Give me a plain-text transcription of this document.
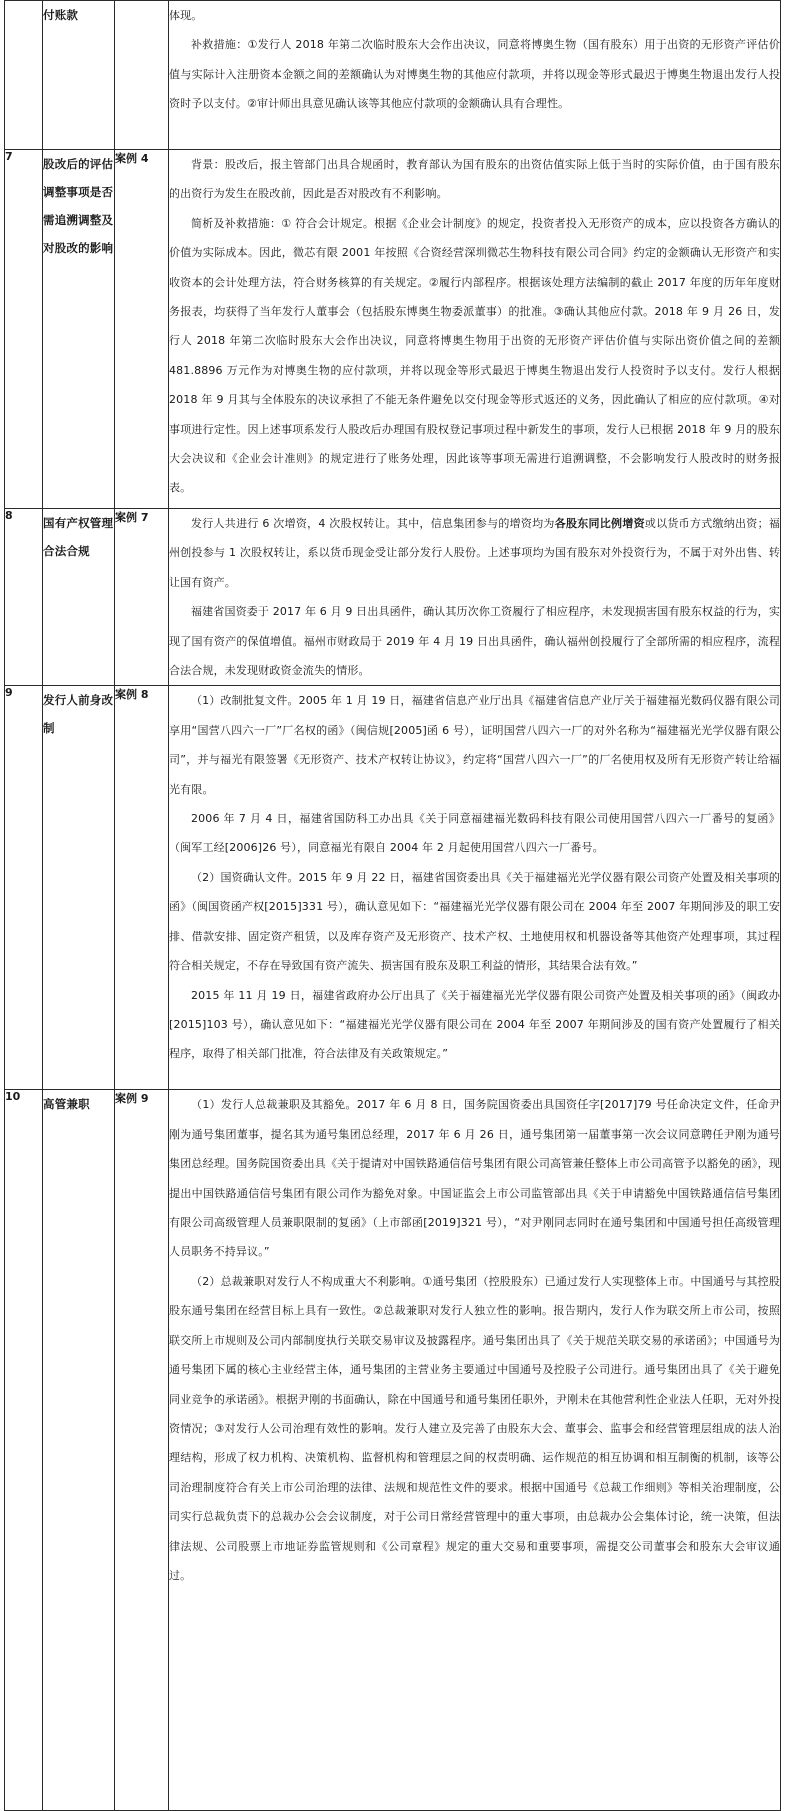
	付账款		体现。

补救措施：①发行人 2018 年第二次临时股东大会作出决议，同意将博奥生物（国有股东）用于出资的无形资产评估价值与实际计入注册资本金额之间的差额确认为对博奥生物的其他应付款项，并将以现金等形式最迟于博奥生物退出发行人投资时予以支付。②审计师出具意见确认该等其他应付款项的金额确认具有合理性。

7	股改后的评估调整事项是否需追溯调整及对股改的影响	案例 4	背景：股改后，报主管部门出具合规函时，教育部认为国有股东的出资估值实际上低于当时的实际价值，由于国有股东的出资行为发生在股改前，因此是否对股改有不利影响。

简析及补救措施：① 符合会计规定。根据《企业会计制度》的规定，投资者投入无形资产的成本，应以投资各方确认的价值为实际成本。因此，微芯有限 2001 年按照《合资经营深圳微芯生物科技有限公司合同》约定的金额确认无形资产和实收资本的会计处理方法，符合财务核算的有关规定。②履行内部程序。根据该处理方法编制的截止 2017 年度的历年年度财务报表，均获得了当年发行人董事会（包括股东博奥生物委派董事）的批准。③确认其他应付款。2018 年 9 月 26 日，发行人 2018 年第二次临时股东大会作出决议，同意将博奥生物用于出资的无形资产评估价值与实际出资价值之间的差额 481.8896 万元作为对博奥生物的应付款项，并将以现金等形式最迟于博奥生物退出发行人投资时予以支付。发行人根据 2018 年 9 月其与全体股东的决议承担了不能无条件避免以交付现金等形式返还的义务，因此确认了相应的应付款项。④对事项进行定性。因上述事项系发行人股改后办理国有股权登记事项过程中新发生的事项，发行人已根据 2018 年 9 月的股东大会决议和《企业会计准则》的规定进行了账务处理，因此该等事项无需进行追溯调整，不会影响发行人股改时的财务报表。

8	国有产权管理合法合规	案例 7	发行人共进行 6 次增资，4 次股权转让。其中，信息集团参与的增资均为各股东同比例增资或以货币方式缴纳出资；福州创投参与 1 次股权转让，系以货币现金受让部分发行人股份。上述事项均为国有股东对外投资行为，不属于对外出售、转让国有资产。

福建省国资委于 2017 年 6 月 9 日出具函件，确认其历次你工资履行了相应程序，未发现损害国有股东权益的行为，实现了国有资产的保值增值。福州市财政局于 2019 年 4 月 19 日出具函件，确认福州创投履行了全部所需的相应程序，流程合法合规，未发现财政资金流失的情形。

9	发行人前身改制	案例 8	（1）改制批复文件。2005 年 1 月 19 日，福建省信息产业厅出具《福建省信息产业厅关于福建福光数码仪器有限公司享用“国营八四六一厂”厂名权的函》（闽信规[2005]函 6 号），证明国营八四六一厂的对外名称为“福建福光光学仪器有限公司”，并与福光有限签署《无形资产、技术产权转让协议》，约定将“国营八四六一厂”的厂名使用权及所有无形资产转让给福光有限。

2006 年 7 月 4 日，福建省国防科工办出具《关于同意福建福光数码科技有限公司使用国营八四六一厂番号的复函》（闽军工经[2006]26 号），同意福光有限自 2004 年 2 月起使用国营八四六一厂番号。

（2）国资确认文件。2015 年 9 月 22 日，福建省国资委出具《关于福建福光光学仪器有限公司资产处置及相关事项的函》（闽国资函产权[2015]331 号），确认意见如下：“福建福光光学仪器有限公司在 2004 年至 2007 年期间涉及的职工安排、借款安排、固定资产租赁，以及库存资产及无形资产、技术产权、土地使用权和机器设备等其他资产处理事项，其过程符合相关规定，不存在导致国有资产流失、损害国有股东及职工利益的情形，其结果合法有效。”

2015 年 11 月 19 日，福建省政府办公厅出具了《关于福建福光光学仪器有限公司资产处置及相关事项的函》（闽政办[2015]103 号），确认意见如下：“福建福光光学仪器有限公司在 2004 年至 2007 年期间涉及的国有资产处置履行了相关程序，取得了相关部门批准，符合法律及有关政策规定。”

10	高管兼职	案例 9	（1）发行人总裁兼职及其豁免。2017 年 6 月 8 日，国务院国资委出具国资任字[2017]79 号任命决定文件，任命尹刚为通号集团董事，提名其为通号集团总经理，2017 年 6 月 26 日，通号集团第一届董事第一次会议同意聘任尹刚为通号集团总经理。国务院国资委出具《关于提请对中国铁路通信信号集团有限公司高管兼任整体上市公司高管予以豁免的函》，现提出中国铁路通信信号集团有限公司作为豁免对象。中国证监会上市公司监管部出具《关于申请豁免中国铁路通信信号集团有限公司高级管理人员兼职限制的复函》（上市部函[2019]321 号），“对尹刚同志同时在通号集团和中国通号担任高级管理人员职务不持异议。”

（2）总裁兼职对发行人不构成重大不利影响。①通号集团（控股股东）已通过发行人实现整体上市。中国通号与其控股股东通号集团在经营目标上具有一致性。②总裁兼职对发行人独立性的影响。报告期内，发行人作为联交所上市公司，按照联交所上市规则及公司内部制度执行关联交易审议及披露程序。通号集团出具了《关于规范关联交易的承诺函》；中国通号为通号集团下属的核心主业经营主体，通号集团的主营业务主要通过中国通号及控股子公司进行。通号集团出具了《关于避免同业竞争的承诺函》。根据尹刚的书面确认，除在中国通号和通号集团任职外，尹刚未在其他营利性企业法人任职，无对外投资情况；③对发行人公司治理有效性的影响。发行人建立及完善了由股东大会、董事会、监事会和经营管理层组成的法人治理结构，形成了权力机构、决策机构、监督机构和管理层之间的权责明确、运作规范的相互协调和相互制衡的机制，该等公司治理制度符合有关上市公司治理的法律、法规和规范性文件的要求。根据中国通号《总裁工作细则》等相关治理制度，公司实行总裁负责下的总裁办公会会议制度，对于公司日常经营管理中的重大事项，由总裁办公会集体讨论，统一决策，但法律法规、公司股票上市地证券监管规则和《公司章程》规定的重大交易和重要事项，需提交公司董事会和股东大会审议通过。
